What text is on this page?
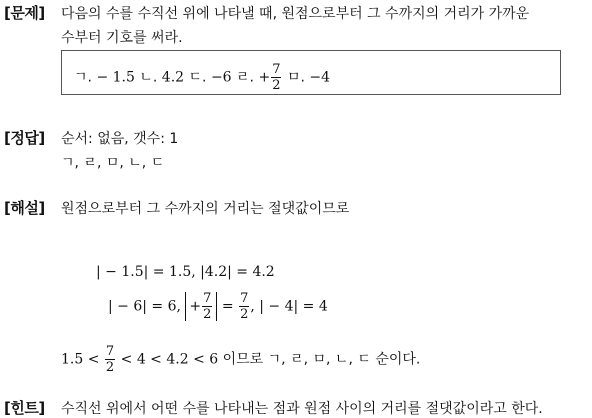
[문제] 다음의 수를 수직선 위에 나타낼 때, 원점으로부터 그 수까지의 거리가 가까운
수부터 기호를 써라.
ㄱ. − 1.5 ㄴ. 4.2 ㄷ. −6 ㄹ. + $\frac{7}{2}$ ㅁ. −4
[정답] 순서: 없음, 갯수: 1
ㄱ, ㄹ, ㅁ, ㄴ, ㄷ
[해설] 원점으로부터 그 수까지의 거리는 절댓값이므로
| − 1.5| = 1.5, |4.2| = 4.2
| − 6| = 6, + $\frac{7}{2} = \frac{7}{2}$ , | − 4| = 4
$1.5 < \frac{7}{2} < 4 < 4.2 < 6$ 이므로 ㄱ, ㄹ, ㅁ, ㄴ, ㄷ 순이다.
[힌트] 수직선 위에서 어떤 수를 나타내는 점과 원점 사이의 거리를 절댓값이라고 한다.
